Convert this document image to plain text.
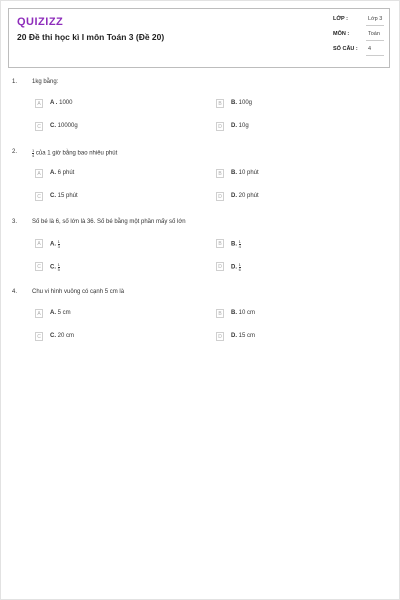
QUIZIZZ
20 Đề thi học kì I môn Toán 3 (Đề 20)
LỚP :	Lớp 3
MÔN :	Toán
SỐ CÂU : 4
1. 1kg bằng:
A	A . 1000	B	B. 100g
C	C. 10000g	D	D. 10g
2.	$\frac{1}{4}$ của 1 giờ bằng bao nhiêu phút
A	A. 6 phút	B	B. 10 phút
C	C. 15 phút	D	D. 20 phút
3. Số bé là 6, số lớn là 36. Số bé bằng một phần mấy số lớn
A	A. $\frac{1}{3}$	B	B. $\frac{1}{4}$
C	C. $\frac{1}{5}$	D	D. $\frac{1}{6}$
4. Chu vi hình vuông có cạnh 5 cm là
A	A. 5 cm	B	B. 10 cm
C	C. 20 cm	D	D. 15 cm
